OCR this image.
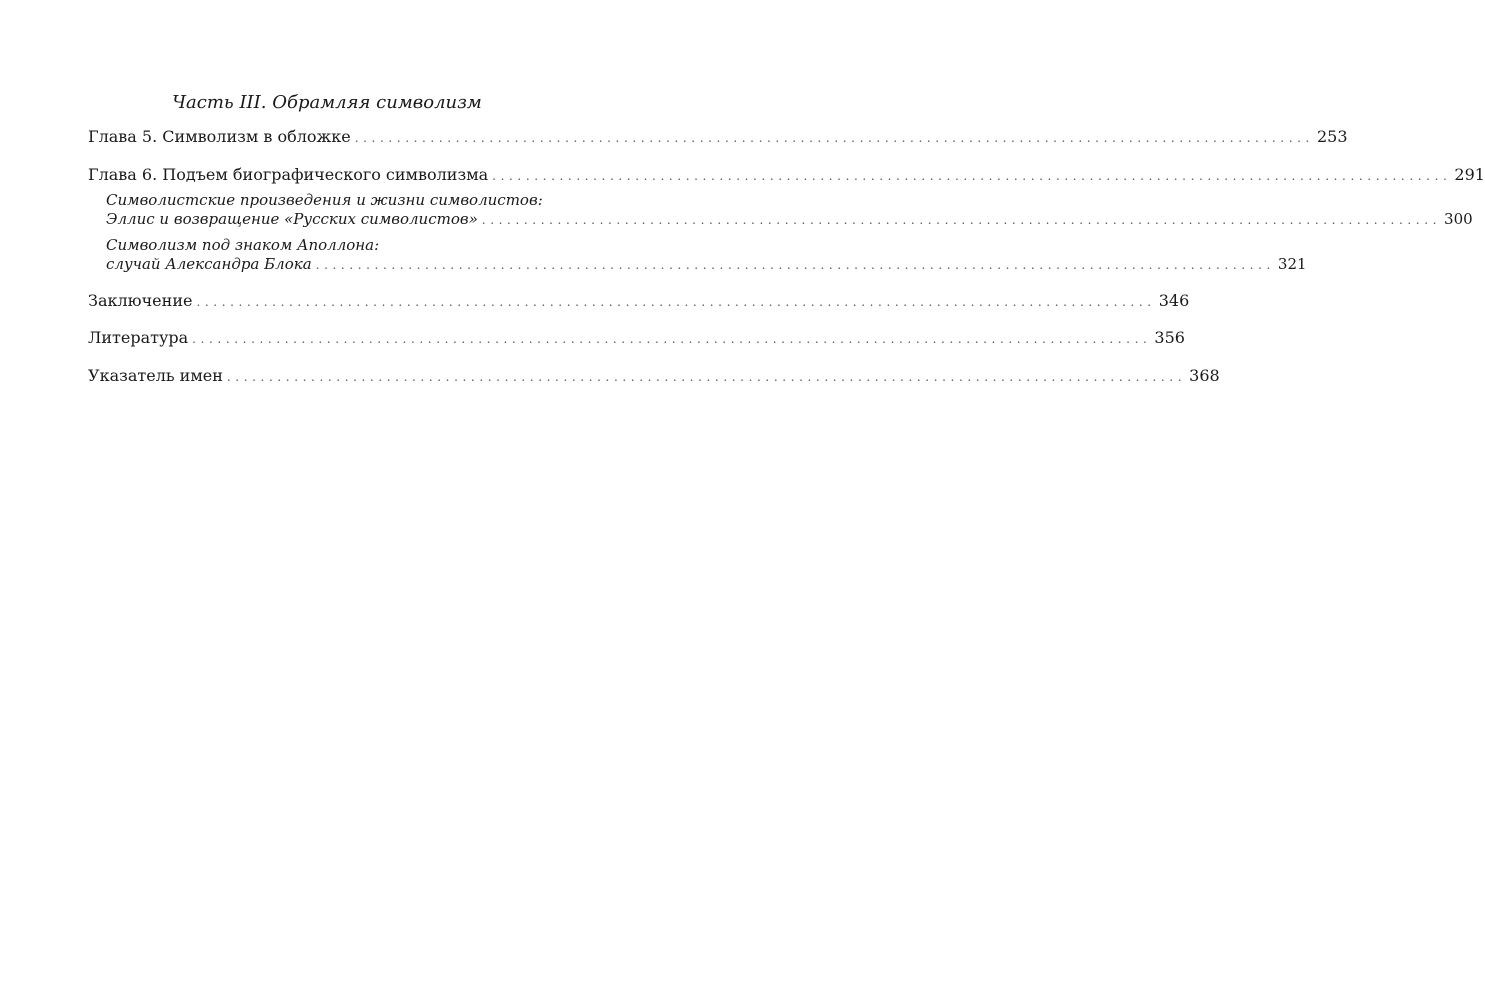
Часть III. Обрамляя символизм
Глава 5. Символизм в обложке .................................................................................................................. 253
Глава 6. Подъем биографического символизма .................................................................................................................. 291
Символистские произведения и жизни символистов:
Эллис и возвращение «Русских символистов» .................................................................................................................. 300
Символизм под знаком Аполлона:
случай Александра Блока .................................................................................................................. 321
Заключение .................................................................................................................. 346
Литература .................................................................................................................. 356
Указатель имен .................................................................................................................. 368
